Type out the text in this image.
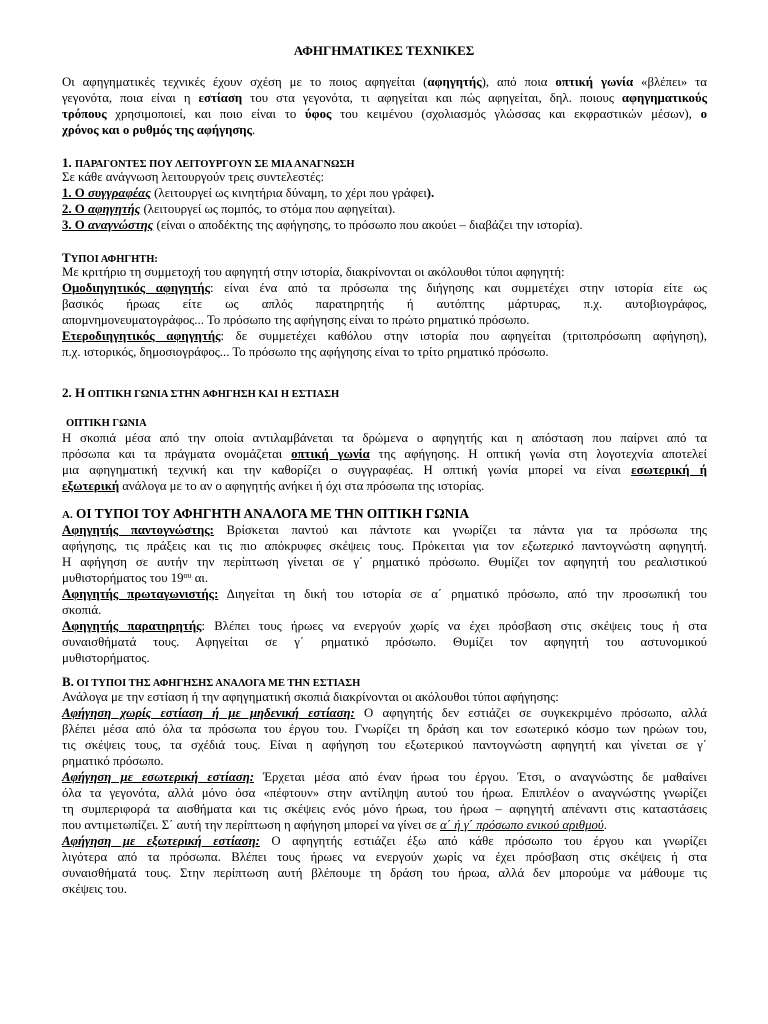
ΑΦΗΓΗΜΑΤΙΚΕΣ ΤΕΧΝΙΚΕΣ
Οι αφηγηματικές τεχνικές έχουν σχέση με το ποιος αφηγείται (αφηγητής), από ποια οπτική γωνία «βλέπει» τα
γεγονότα, ποια είναι η εστίαση του στα γεγονότα, τι αφηγείται και πώς αφηγείται, δηλ. ποιους αφηγηματικούς
τρόπους χρησιμοποιεί, και ποιο είναι το ύφος του κειμένου (σχολιασμός γλώσσας και εκφραστικών μέσων), ο
χρόνος και ο ρυθμός της αφήγησης.
1. ΠΑΡΑΓΟΝΤΕΣ ΠΟΥ ΛΕΙΤΟΥΡΓΟΥΝ ΣΕ ΜΙΑ ΑΝΑΓΝΩΣΗ
Σε κάθε ανάγνωση λειτουργούν τρεις συντελεστές:
1. Ο συγγραφέας (λειτουργεί ως κινητήρια δύναμη, το χέρι που γράφει).
2. Ο αφηγητής (λειτουργεί ως πομπός, το στόμα που αφηγείται).
3. Ο αναγνώστης (είναι ο αποδέκτης της αφήγησης, το πρόσωπο που ακούει – διαβάζει την ιστορία).
ΤΥΠΟΙ ΑΦΗΓΗΤΗ:
Με κριτήριο τη συμμετοχή του αφηγητή στην ιστορία, διακρίνονται οι ακόλουθοι τύποι αφηγητή:
Ομοδιηγητικός αφηγητής: είναι ένα από τα πρόσωπα της διήγησης και συμμετέχει στην ιστορία είτε ως
βασικός ήρωας είτε ως απλός παρατηρητής ή αυτόπτης μάρτυρας, π.χ. αυτοβιογράφος,
απομνημονευματογράφος... Το πρόσωπο της αφήγησης είναι το πρώτο ρηματικό πρόσωπο.
Ετεροδιηγητικός αφηγητής: δε συμμετέχει καθόλου στην ιστορία που αφηγείται (τριτοπρόσωπη αφήγηση),
π.χ. ιστορικός, δημοσιογράφος... Το πρόσωπο της αφήγησης είναι το τρίτο ρηματικό πρόσωπο.
2. Η ΟΠΤΙΚΗ ΓΩΝΙΑ ΣΤΗΝ ΑΦΗΓΗΣΗ ΚΑΙ Η ΕΣΤΙΑΣΗ
ΟΠΤΙΚΗ ΓΩΝΙΑ
Η σκοπιά μέσα από την οποία αντιλαμβάνεται τα δρώμενα ο αφηγητής και η απόσταση που παίρνει από τα
πρόσωπα και τα πράγματα ονομάζεται οπτική γωνία της αφήγησης. Η οπτική γωνία στη λογοτεχνία αποτελεί
μια αφηγηματική τεχνική και την καθορίζει ο συγγραφέας. Η οπτική γωνία μπορεί να είναι εσωτερική ή
εξωτερική ανάλογα με το αν ο αφηγητής ανήκει ή όχι στα πρόσωπα της ιστορίας.
Α. ΟΙ ΤΥΠΟΙ ΤΟΥ ΑΦΗΓΗΤΗ ΑΝΑΛΟΓΑ ΜΕ ΤΗΝ ΟΠΤΙΚΗ ΓΩΝΙΑ
Αφηγητής παντογνώστης: Βρίσκεται παντού και πάντοτε και γνωρίζει τα πάντα για τα πρόσωπα της
αφήγησης, τις πράξεις και τις πιο απόκρυφες σκέψεις τους. Πρόκειται για τον εξωτερικό παντογνώστη αφηγητή.
Η αφήγηση σε αυτήν την περίπτωση γίνεται σε γ΄ ρηματικό πρόσωπο. Θυμίζει τον αφηγητή του ρεαλιστικού
μυθιστορήματος του $19^{o\upsilon}$ αι.
Αφηγητής πρωταγωνιστής: Διηγείται τη δική του ιστορία σε α΄ ρηματικό πρόσωπο, από την προσωπική του
σκοπιά.
Αφηγητής παρατηρητής: Βλέπει τους ήρωες να ενεργούν χωρίς να έχει πρόσβαση στις σκέψεις τους ή στα
συναισθήματά τους. Αφηγείται σε γ΄ ρηματικό πρόσωπο. Θυμίζει τον αφηγητή του αστυνομικού
μυθιστορήματος.
Β. ΟΙ ΤΥΠΟΙ ΤΗΣ ΑΦΗΓΗΣΗΣ ΑΝΑΛΟΓΑ ΜΕ ΤΗΝ ΕΣΤΙΑΣΗ
Ανάλογα με την εστίαση ή την αφηγηματική σκοπιά διακρίνονται οι ακόλουθοι τύποι αφήγησης:
Αφήγηση χωρίς εστίαση ή με μηδενική εστίαση: Ο αφηγητής δεν εστιάζει σε συγκεκριμένο πρόσωπο, αλλά
βλέπει μέσα από όλα τα πρόσωπα του έργου του. Γνωρίζει τη δράση και τον εσωτερικό κόσμο των ηρώων του,
τις σκέψεις τους, τα σχέδιά τους. Είναι η αφήγηση του εξωτερικού παντογνώστη αφηγητή και γίνεται σε γ΄
ρηματικό πρόσωπο.
Αφήγηση με εσωτερική εστίαση: Έρχεται μέσα από έναν ήρωα του έργου. Έτσι, ο αναγνώστης δε μαθαίνει
όλα τα γεγονότα, αλλά μόνο όσα «πέφτουν» στην αντίληψη αυτού του ήρωα. Επιπλέον ο αναγνώστης γνωρίζει
τη συμπεριφορά τα αισθήματα και τις σκέψεις ενός μόνο ήρωα, του ήρωα – αφηγητή απέναντι στις καταστάσεις
που αντιμετωπίζει. Σ΄ αυτή την περίπτωση η αφήγηση μπορεί να γίνει σε α΄ ή γ΄ πρόσωπο ενικού αριθμού.
Αφήγηση με εξωτερική εστίαση: Ο αφηγητής εστιάζει έξω από κάθε πρόσωπο του έργου και γνωρίζει
λιγότερα από τα πρόσωπα. Βλέπει τους ήρωες να ενεργούν χωρίς να έχει πρόσβαση στις σκέψεις ή στα
συναισθήματά τους. Στην περίπτωση αυτή βλέπουμε τη δράση του ήρωα, αλλά δεν μπορούμε να μάθουμε τις
σκέψεις του.
